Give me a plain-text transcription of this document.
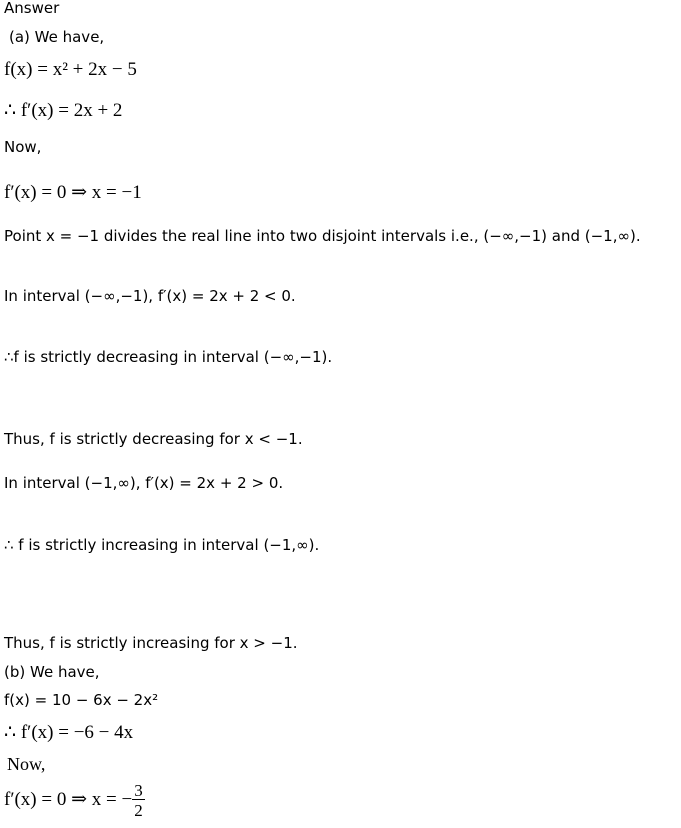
Answer
(a) We have,
f(x) = x² + 2x − 5
∴ f′(x) = 2x + 2
Now,
f′(x) = 0 ⇒ x = −1
Point x = −1 divides the real line into two disjoint intervals i.e., (−∞,−1) and (−1,∞).
In interval (−∞,−1), f′(x) = 2x + 2 < 0.
∴f is strictly decreasing in interval (−∞,−1).
Thus, f is strictly decreasing for x < −1.
In interval (−1,∞), f′(x) = 2x + 2 > 0.
∴ f is strictly increasing in interval (−1,∞).
Thus, f is strictly increasing for x > −1.
(b) We have,
f(x) = 10 − 6x − 2x²
∴ f′(x) = −6 − 4x
Now,
f′(x) = 0 ⇒ x = − $\frac{3}{2}$
